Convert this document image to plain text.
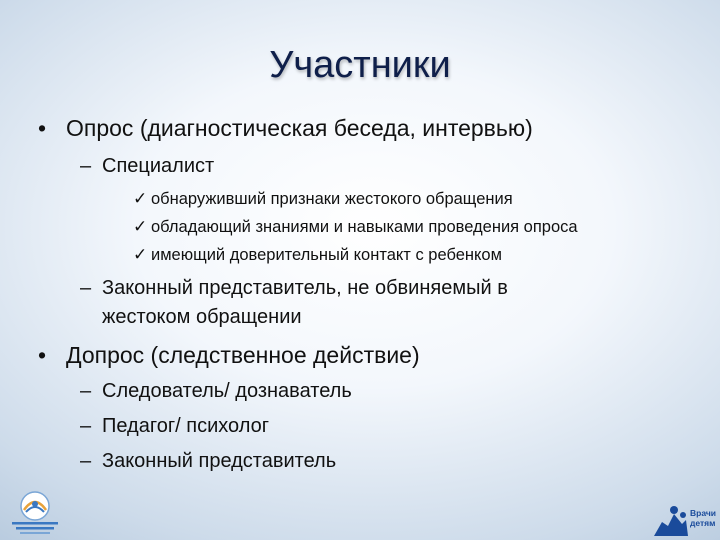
Участники
• Опрос (диагностическая беседа, интервью)
– Специалист
✓ обнаруживший признаки жестокого обращения
✓ обладающий знаниями и навыками проведения опроса
✓ имеющий доверительный контакт с ребенком
– Законный представитель, не обвиняемый в
жестоком обращении
• Допрос (следственное действие)
– Следователь/ дознаватель
– Педагог/ психолог
– Законный представитель
Врачи
детям
